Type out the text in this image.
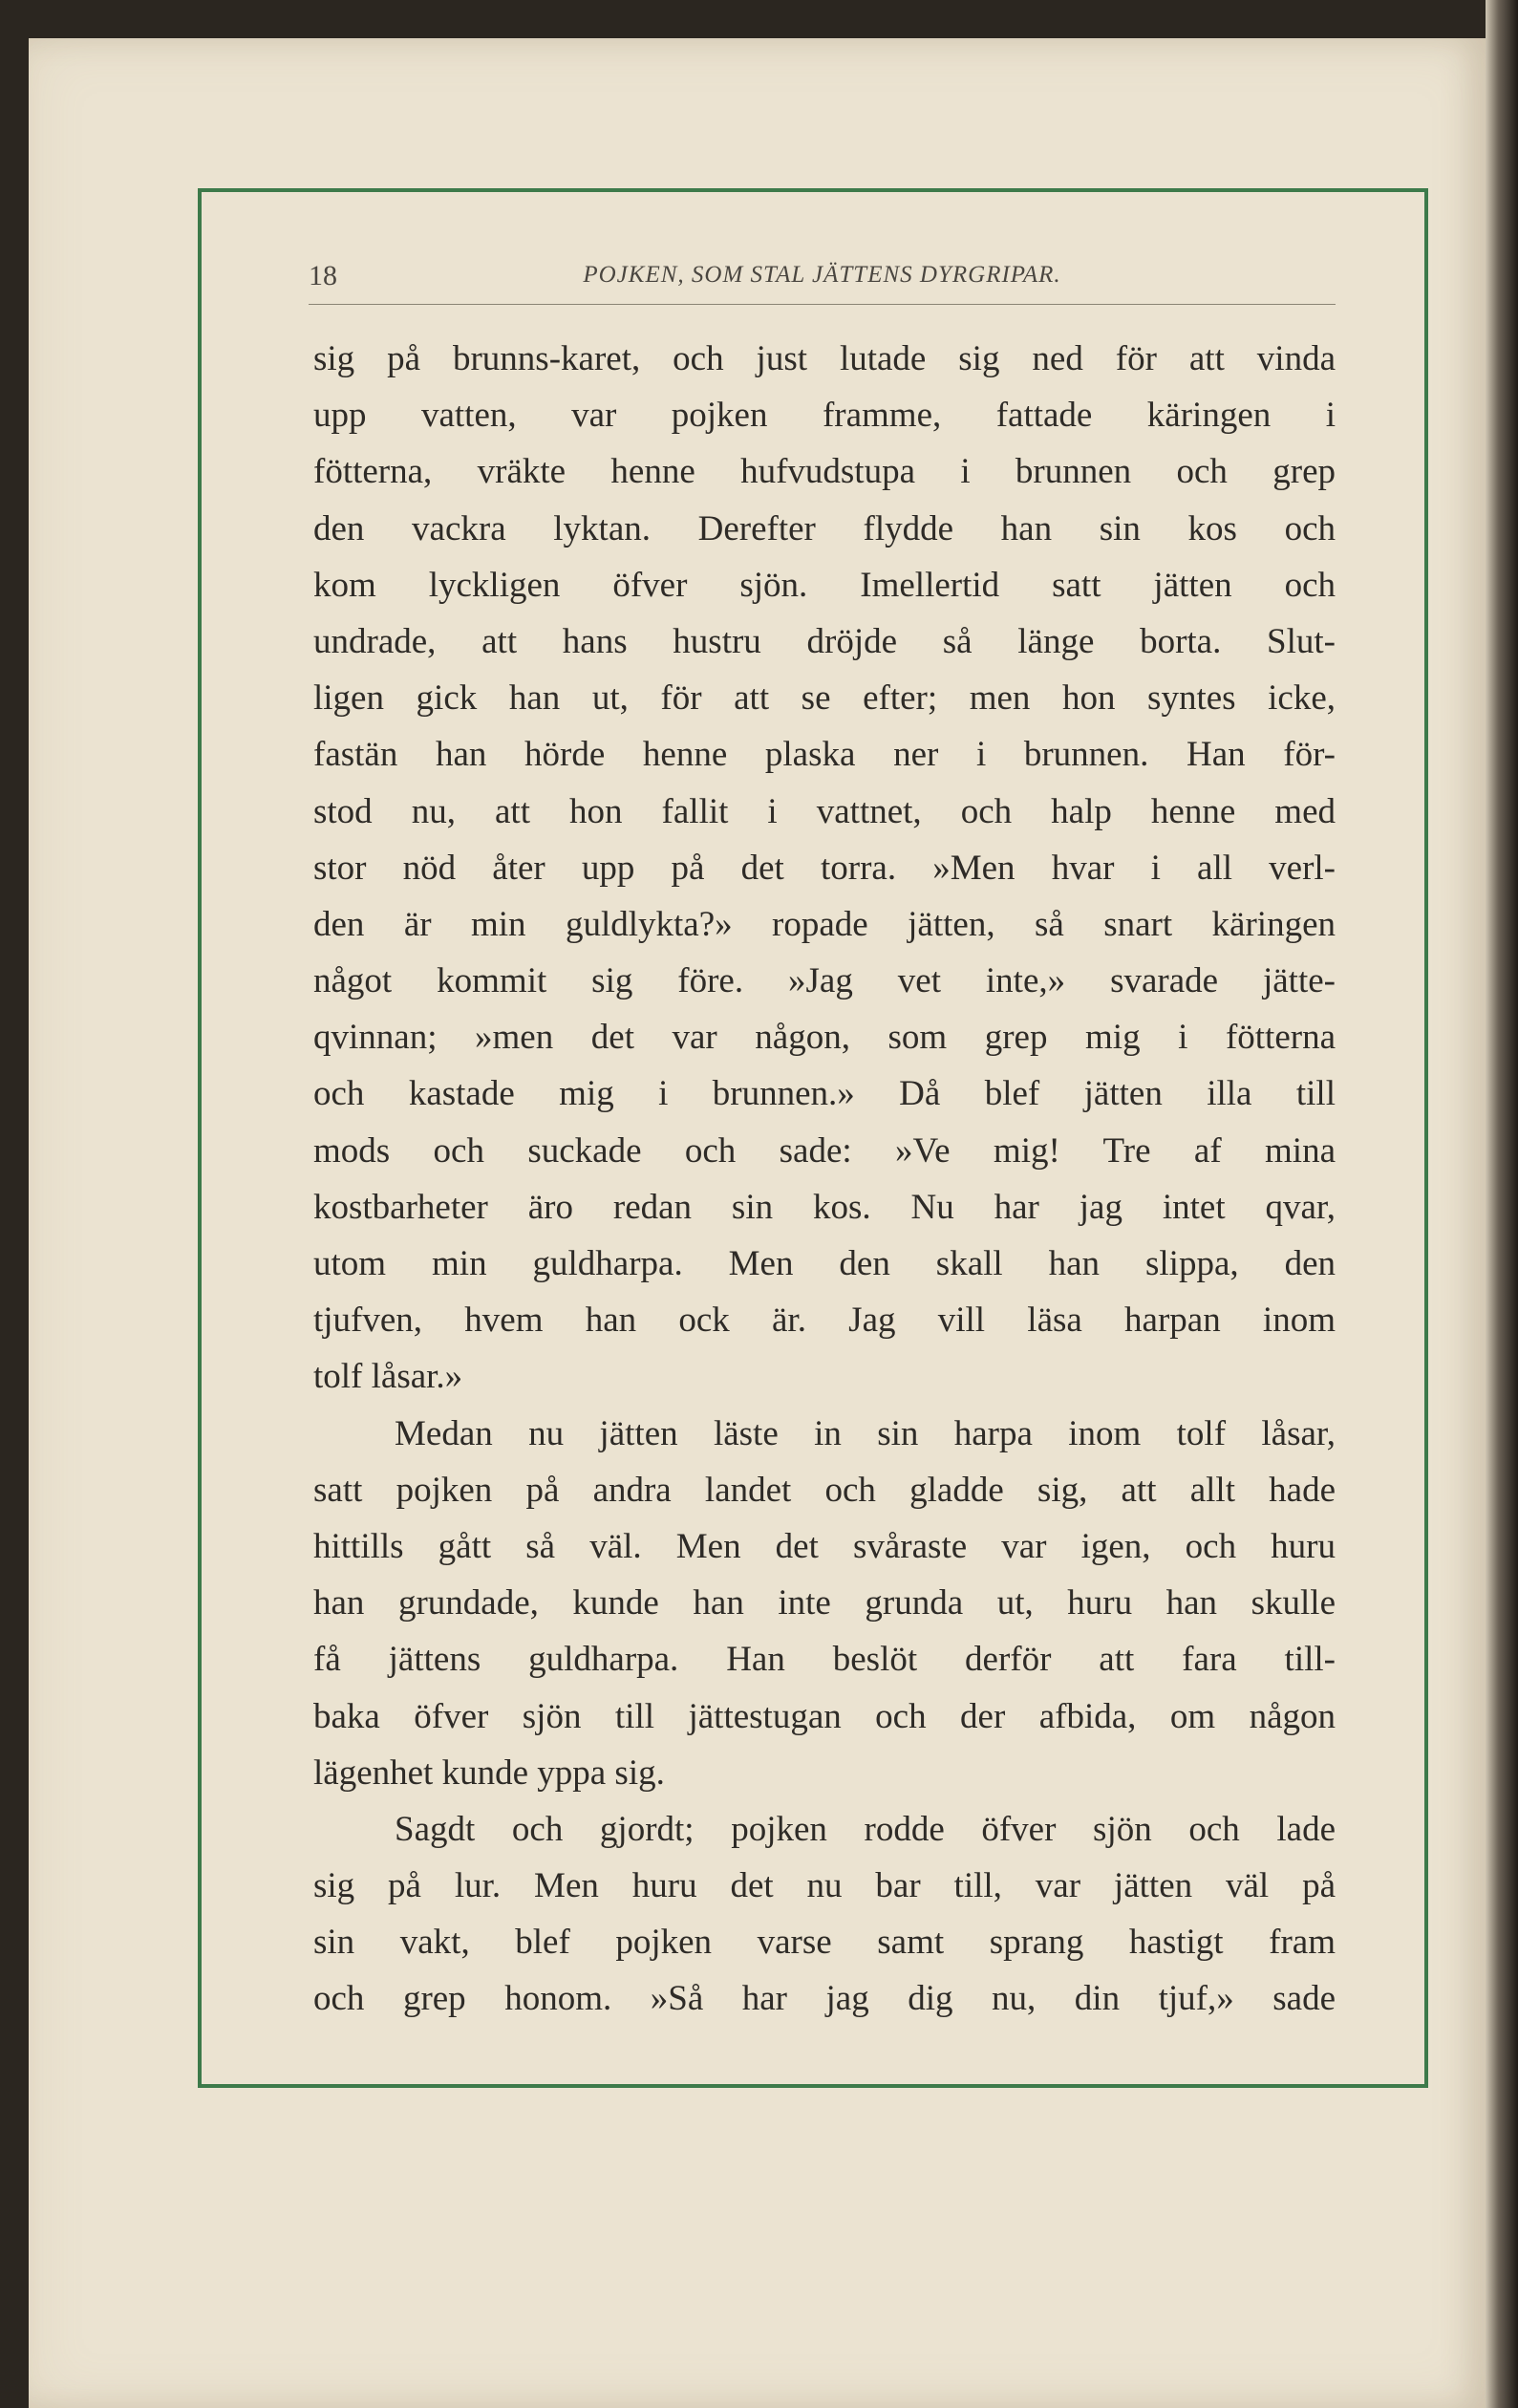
18	POJKEN, SOM STAL JÄTTENS DYRGRIPAR.
sig på brunns-karet, och just lutade sig ned för att vinda
upp vatten, var pojken framme, fattade käringen i
fötterna, vräkte henne hufvudstupa i brunnen och grep
den vackra lyktan. Derefter flydde han sin kos och
kom lyckligen öfver sjön. Imellertid satt jätten och
undrade, att hans hustru dröjde så länge borta. Slut-
ligen gick han ut, för att se efter; men hon syntes icke,
fastän han hörde henne plaska ner i brunnen. Han för-
stod nu, att hon fallit i vattnet, och halp henne med
stor nöd åter upp på det torra. »Men hvar i all verl-
den är min guldlykta?» ropade jätten, så snart käringen
något kommit sig före. »Jag vet inte,» svarade jätte-
qvinnan; »men det var någon, som grep mig i fötterna
och kastade mig i brunnen.» Då blef jätten illa till
mods och suckade och sade: »Ve mig! Tre af mina
kostbarheter äro redan sin kos. Nu har jag intet qvar,
utom min guldharpa. Men den skall han slippa, den
tjufven, hvem han ock är. Jag vill läsa harpan inom
tolf låsar.»
Medan nu jätten läste in sin harpa inom tolf låsar,
satt pojken på andra landet och gladde sig, att allt hade
hittills gått så väl. Men det svåraste var igen, och huru
han grundade, kunde han inte grunda ut, huru han skulle
få jättens guldharpa. Han beslöt derför att fara till-
baka öfver sjön till jättestugan och der afbida, om någon
lägenhet kunde yppa sig.
Sagdt och gjordt; pojken rodde öfver sjön och lade
sig på lur. Men huru det nu bar till, var jätten väl på
sin vakt, blef pojken varse samt sprang hastigt fram
och grep honom. »Så har jag dig nu, din tjuf,» sade
